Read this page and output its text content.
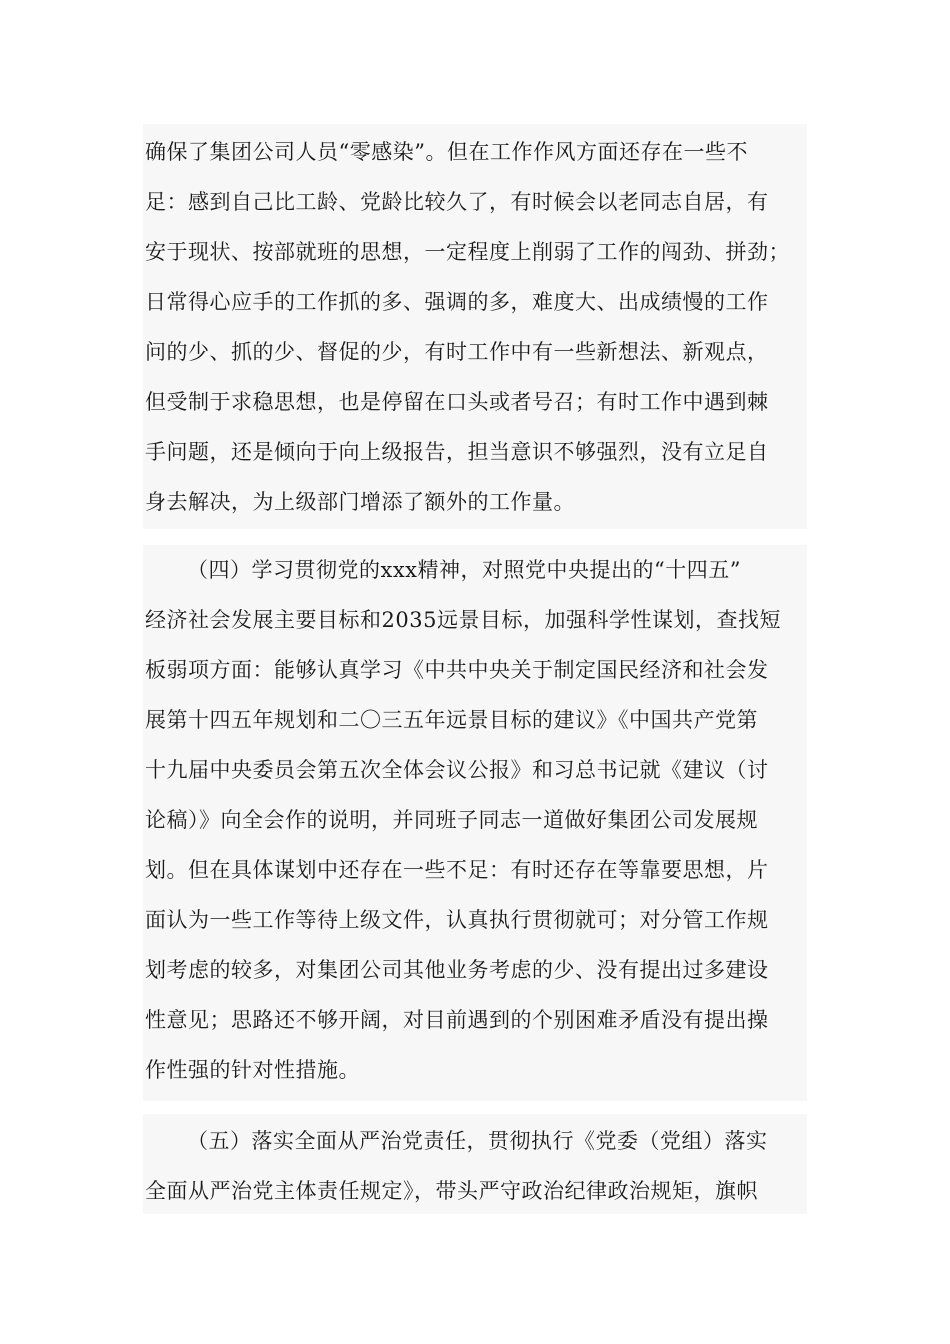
确保了集团公司人员“零感染”。但在工作作风方面还存在一些不
足：感到自己比工龄、党龄比较久了，有时候会以老同志自居，有
安于现状、按部就班的思想，一定程度上削弱了工作的闯劲、拼劲；
日常得心应手的工作抓的多、强调的多，难度大、出成绩慢的工作
问的少、抓的少、督促的少，有时工作中有一些新想法、新观点，
但受制于求稳思想，也是停留在口头或者号召；有时工作中遇到棘
手问题，还是倾向于向上级报告，担当意识不够强烈，没有立足自
身去解决，为上级部门增添了额外的工作量。

（四）学习贯彻党的xxx精神，对照党中央提出的“十四五”
经济社会发展主要目标和2035远景目标，加强科学性谋划，查找短
板弱项方面：能够认真学习《中共中央关于制定国民经济和社会发
展第十四五年规划和二〇三五年远景目标的建议》《中国共产党第
十九届中央委员会第五次全体会议公报》和习总书记就《建议（讨
论稿）》向全会作的说明，并同班子同志一道做好集团公司发展规
划。但在具体谋划中还存在一些不足：有时还存在等靠要思想，片
面认为一些工作等待上级文件，认真执行贯彻就可；对分管工作规
划考虑的较多，对集团公司其他业务考虑的少、没有提出过多建设
性意见；思路还不够开阔，对目前遇到的个别困难矛盾没有提出操
作性强的针对性措施。

（五）落实全面从严治党责任，贯彻执行《党委（党组）落实
全面从严治党主体责任规定》，带头严守政治纪律政治规矩，旗帜
